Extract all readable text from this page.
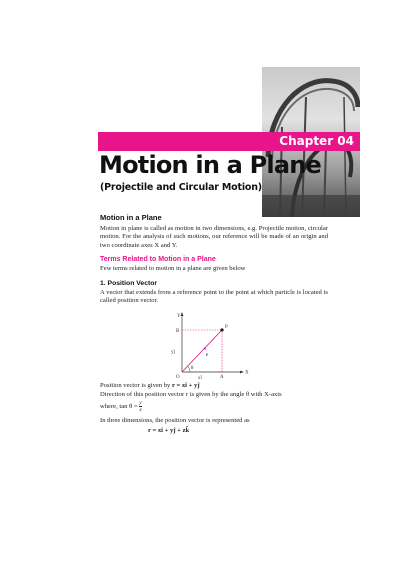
Chapter 04
Motion in a Plane
(Projectile and Circular Motion)

Motion in a Plane

Motion in plane is called as motion in two dimensions, e.g. Projectile motion, circular motion. For the analysis of such motions, our reference will be made of an origin and two coordinate axes X and Y.

Terms Related to Motion in a Plane

Few terms related to motion in a plane are given below

1. Position Vector

A vector that extends from a reference point to the point at which particle is located is called position vector.

Y
X
O
B
A
P
yĵ
xî
r
θ

Position vector is given by r = xî + yĵ

Direction of this position vector r is given by the angle θ with X-axis

where, $\tan \theta = \frac{y}{x}$

In three dimensions, the position vector is represented as

r = xî + yĵ + zk̂
